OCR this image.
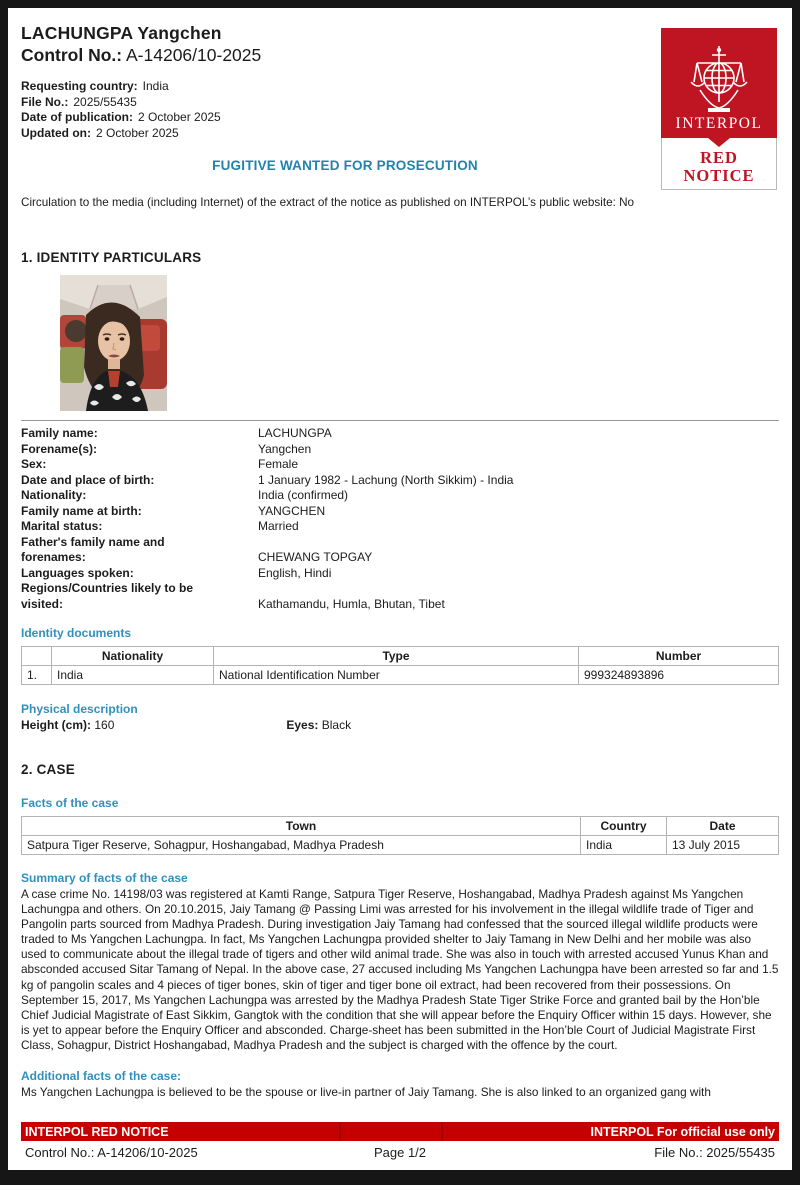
INTERPOL
RED
NOTICE
LACHUNGPA Yangchen
Control No.: A-14206/10-2025
Requesting country: India
File No.: 2025/55435
Date of publication: 2 October 2025
Updated on: 2 October 2025
FUGITIVE WANTED FOR PROSECUTION
Circulation to the media (including Internet) of the extract of the notice as published on INTERPOL’s public website: No
1. IDENTITY PARTICULARS
Family name:	LACHUNGPA
Forename(s):	Yangchen
Sex:	Female
Date and place of birth:	1 January 1982 - Lachung (North Sikkim) - India
Nationality:	India (confirmed)
Family name at birth:	YANGCHEN
Marital status:	Married
Father's family name and forenames:	CHEWANG TOPGAY
Languages spoken:	English, Hindi
Regions/Countries likely to be visited:	Kathamandu, Humla, Bhutan, Tibet
Identity documents
	Nationality	Type	Number
1.	India	National Identification Number	999324893896
Physical description
Height (cm): 160	Eyes: Black
2. CASE
Facts of the case
Town	Country	Date
Satpura Tiger Reserve, Sohagpur, Hoshangabad, Madhya Pradesh	India	13 July 2015
Summary of facts of the case
A case crime No. 14198/03 was registered at Kamti Range, Satpura Tiger Reserve, Hoshangabad, Madhya Pradesh against Ms Yangchen Lachungpa and others. On 20.10.2015, Jaiy Tamang @ Passing Limi was arrested for his involvement in the illegal wildlife trade of Tiger and Pangolin parts sourced from Madhya Pradesh. During investigation Jaiy Tamang had confessed that the sourced illegal wildlife products were traded to Ms Yangchen Lachungpa. In fact, Ms Yangchen Lachungpa provided shelter to Jaiy Tamang in New Delhi and her mobile was also used to communicate about the illegal trade of tigers and other wild animal trade. She was also in touch with arrested accused Yunus Khan and absconded accused Sitar Tamang of Nepal. In the above case, 27 accused including Ms Yangchen Lachungpa have been arrested so far and 1.5 kg of pangolin scales and 4 pieces of tiger bones, skin of tiger and tiger bone oil extract, had been recovered from their possessions. On September 15, 2017, Ms Yangchen Lachungpa was arrested by the Madhya Pradesh State Tiger Strike Force and granted bail by the Hon’ble Chief Judicial Magistrate of East Sikkim, Gangtok with the condition that she will appear before the Enquiry Officer within 15 days. However, she is yet to appear before the Enquiry Officer and absconded. Charge-sheet has been submitted in the Hon’ble Court of Judicial Magistrate First Class, Sohagpur, District Hoshangabad, Madhya Pradesh and the subject is charged with the offence by the court.
Additional facts of the case:
Ms Yangchen Lachungpa is believed to be the spouse or live-in partner of Jaiy Tamang. She is also linked to an organized gang with
INTERPOL RED NOTICE	INTERPOL For official use only
Control No.: A-14206/10-2025	Page 1/2	File No.: 2025/55435
